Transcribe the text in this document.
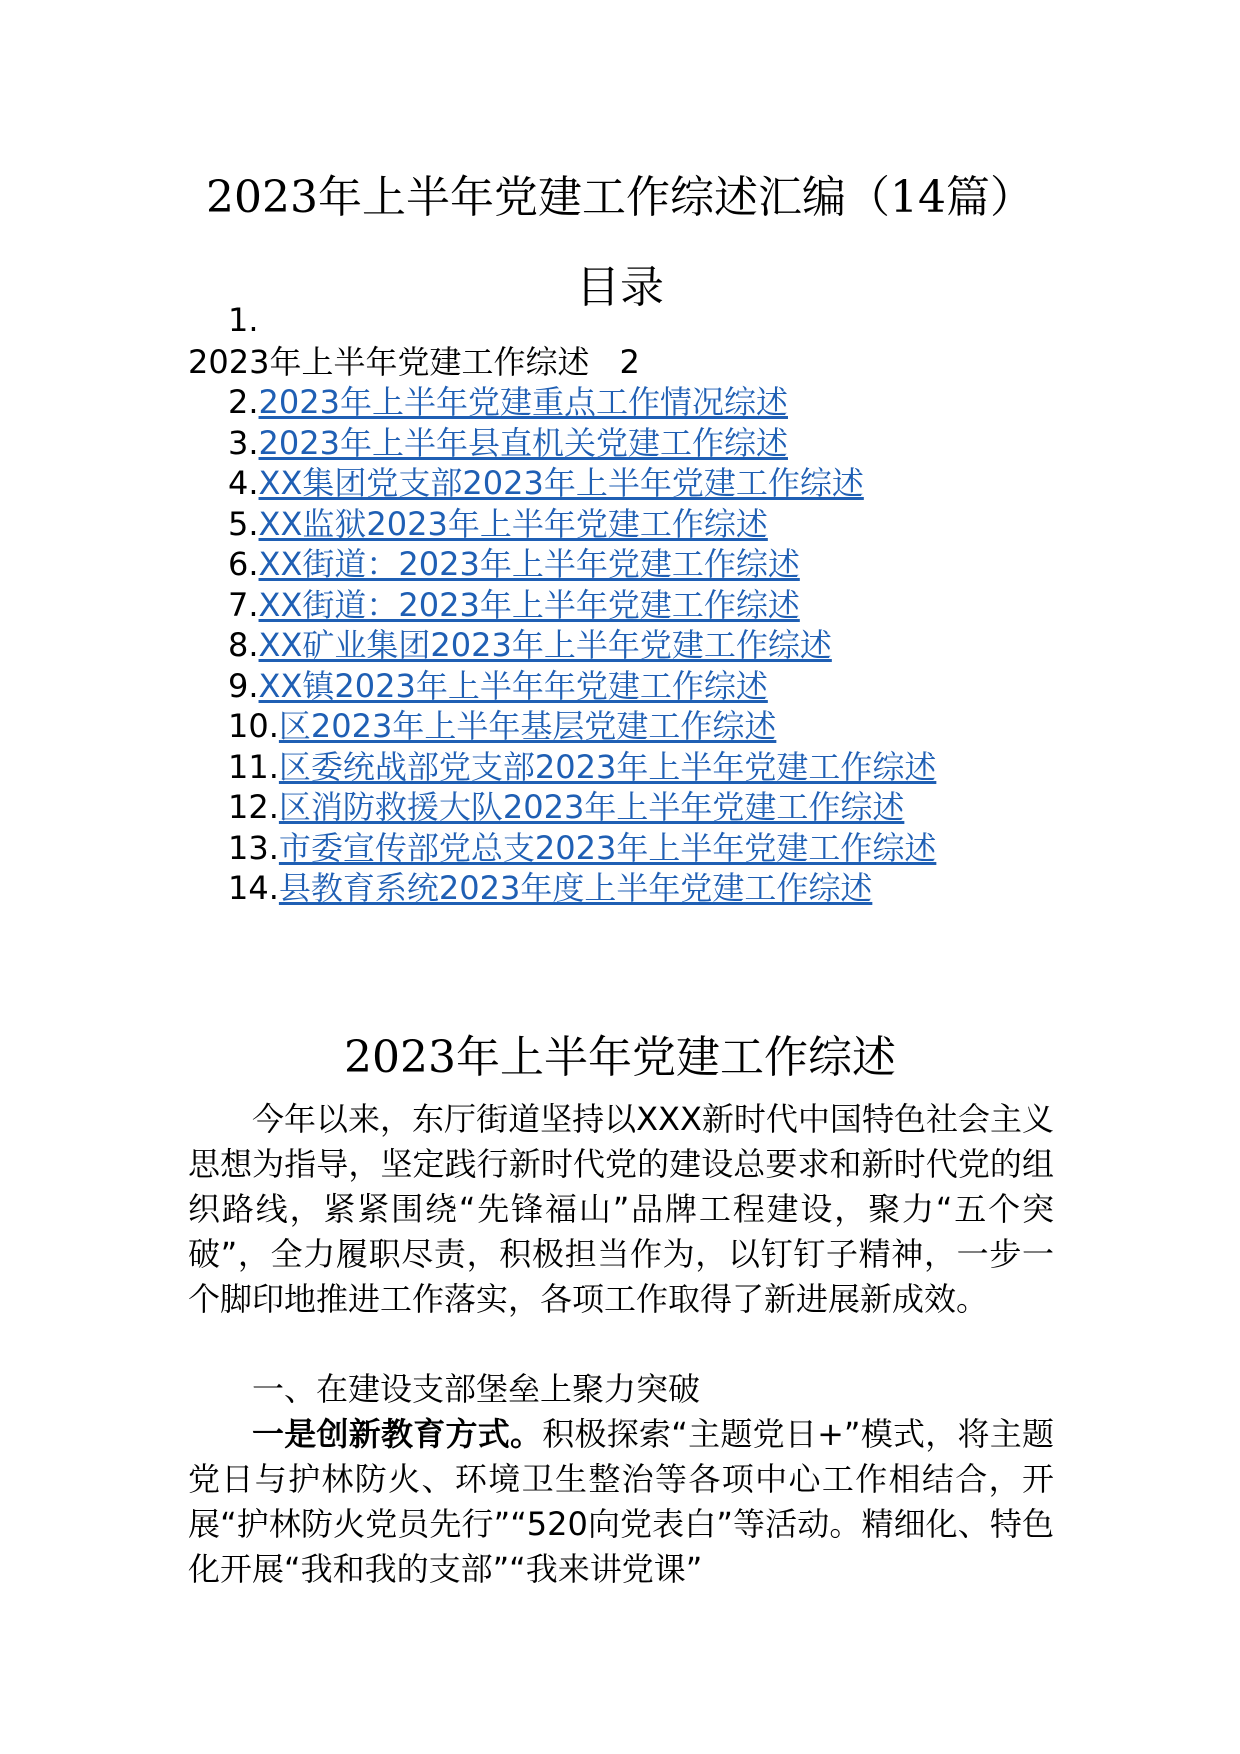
2023年上半年党建工作综述汇编（14篇）
目录
1.
2023年上半年党建工作综述 2
2.2023年上半年党建重点工作情况综述
3.2023年上半年县直机关党建工作综述
4.XX集团党支部2023年上半年党建工作综述
5.XX监狱2023年上半年党建工作综述
6.XX街道：2023年上半年党建工作综述
7.XX街道：2023年上半年党建工作综述
8.XX矿业集团2023年上半年党建工作综述
9.XX镇2023年上半年年党建工作综述
10.区2023年上半年基层党建工作综述
11.区委统战部党支部2023年上半年党建工作综述
12.区消防救援大队2023年上半年党建工作综述
13.市委宣传部党总支2023年上半年党建工作综述
14.县教育系统2023年度上半年党建工作综述
2023年上半年党建工作综述

今年以来，东厅街道坚持以XXX新时代中国特色社会主义思想为指导，坚定践行新时代党的建设总要求和新时代党的组织路线，紧紧围绕“先锋福山”品牌工程建设，聚力“五个突破”，全力履职尽责，积极担当作为，以钉钉子精神，一步一个脚印地推进工作落实，各项工作取得了新进展新成效。

一、在建设支部堡垒上聚力突破

一是创新教育方式。积极探索“主题党日+”模式，将主题党日与护林防火、环境卫生整治等各项中心工作相结合，开展“护林防火党员先行”“520向党表白”等活动。精细化、特色化开展“我和我的支部”“我来讲党课”
